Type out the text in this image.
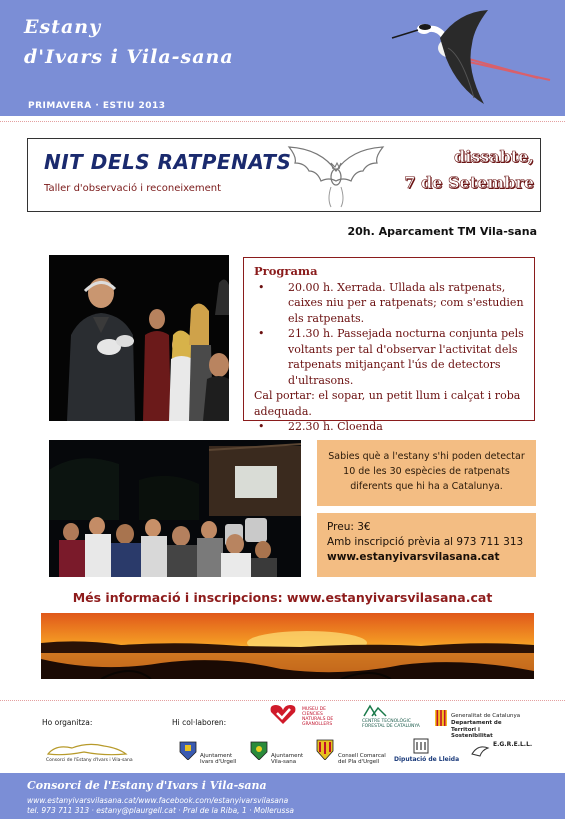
Estany
d'Ivars i Vila-sana
PRIMAVERA · ESTIU 2013
NIT DELS RATPENATS
Taller d'observació i reconeixement
dissabte,
7 de Setembre
20h. Aparcament TM Vila-sana
Programa
•	20.00 h. Xerrada. Ullada als ratpenats, caixes niu per a ratpenats; com s'estudien els ratpenats.
•	21.30 h. Passejada nocturna conjunta pels voltants per tal d'observar l'activitat dels ratpenats mitjançant l'ús de detectors d'ultrasons.
Cal portar: el sopar, un petit llum i calçat i roba adequada.
•	22.30 h. Cloenda
Sabies què a l'estany s'hi poden detectar
10 de les 30 espècies de ratpenats
diferents que hi ha a Catalunya.
Preu: 3€
Amb inscripció prèvia al 973 711 313
www.estanyivarsvilasana.cat
Més informació i inscripcions: www.estanyivarsvilasana.cat
Ho organitza:	Hi col·laboren:
Consorci de l'Estany d'Ivars i Vila-sana
MUSEU DE CIENCIES NATURALS DE GRANOLLERS
CENTRE TECNOLÒGIC FORESTAL DE CATALUNYA
Generalitat de Catalunya
Departament de Territori i Sostenibilitat
Ajuntament
Ivars d'Urgell
Ajuntament
Vila-sana
Consell Comarcal
del Pla d'Urgell Diputació de Lleida
E.G.R.E.L.L.
Consorci de l'Estany d'Ivars i Vila-sana
www.estanyivarsvilasana.cat/www.facebook.com/estanyivarsvilasana
tel. 973 711 313 · estany@plaurgell.cat · Pral de la Riba, 1 · Mollerussa
